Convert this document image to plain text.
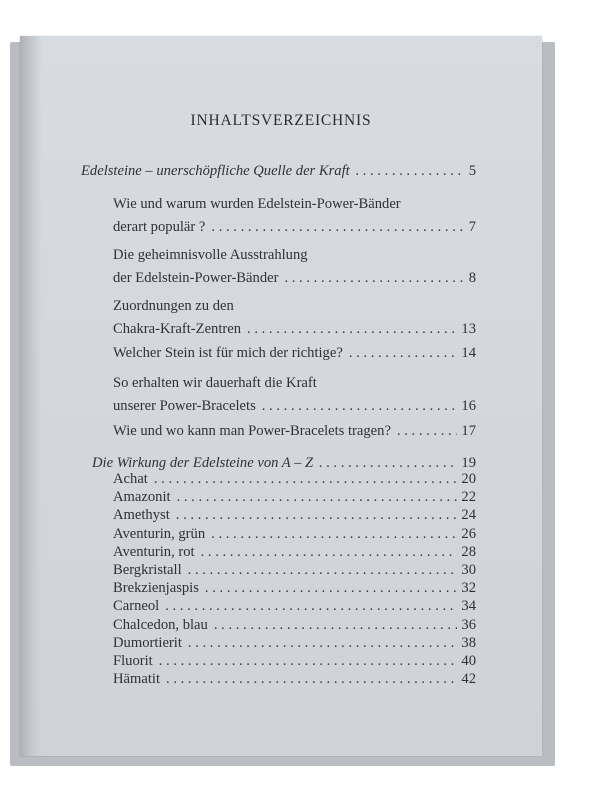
INHALTSVERZEICHNIS
Edelsteine – unerschöpfliche Quelle der Kraft . . .	5
Wie und warum wurden Edelstein-Power-Bänder
derart populär ? . . .	7
Die geheimnisvolle Ausstrahlung
der Edelstein-Power-Bänder . . .	8
Zuordnungen zu den
Chakra-Kraft-Zentren . . .	13
Welcher Stein ist für mich der richtige? . . .	14
So erhalten wir dauerhaft die Kraft
unserer Power-Bracelets . . .	16
Wie und wo kann man Power-Bracelets tragen? . . .	17
Die Wirkung der Edelsteine von A – Z . . .	19
Achat . . .	20
Amazonit . . .	22
Amethyst . . .	24
Aventurin, grün . . .	26
Aventurin, rot . . .	28
Bergkristall . . .	30
Brekzienjaspis . . .	32
Carneol . . .	34
Chalcedon, blau . . .	36
Dumortierit . . .	38
Fluorit . . .	40
Hämatit . . .	42
